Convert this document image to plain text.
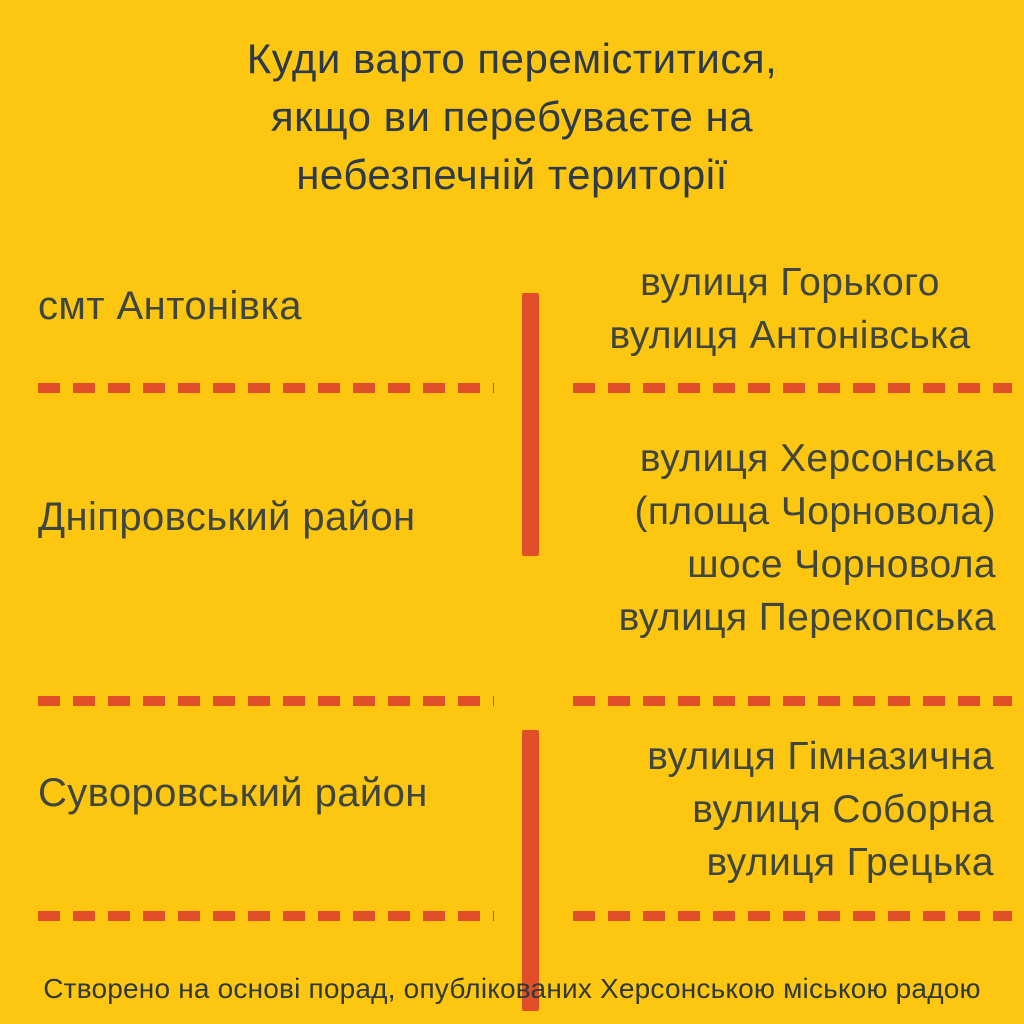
Куди варто переміститися,
якщо ви перебуваєте на
небезпечній території
смт Антонівка
вулиця Горького
вулиця Антонівська
Дніпровський район
вулиця Херсонська
(площа Чорновола)
шосе Чорновола
вулиця Перекопська
Суворовський район
вулиця Гімназична
вулиця Соборна
вулиця Грецька
Створено на основі порад, опублікованих Херсонською міською радою
